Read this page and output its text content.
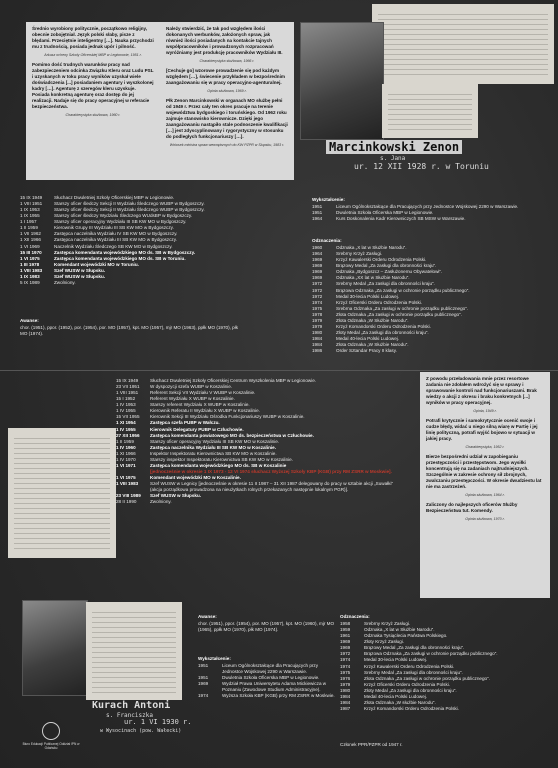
Średnio wyrobiony politycznie, początkowo religijny, obecnie zobojętniał. Język polski słaby, pisze z błędami. Przeciętnie inteligentny […]. Nauka przychodzi mu z trudnością, posiada jednak upór i pilność.

Arkusz ocheny Szkoły Oficerskiej MBP w Legionowie, 1951 r.

Pomimo dość trudnych warunków pracy nad zabezpieczeniem odcinka Związku Kleru oraz Ludu PSL i uzyskanych w toku pracy wyników uzyskał wiele doświadczenia [...] posiadaniem agentury i wyszkolonej kadry […]. Agenturę z szeregów kleru uzyskuje. Posiada konkretną agenturę oraz dostęp do jej realizacji. Nadaje się do pracy operacyjnej w referacie bezpieczeństwa.

Charakterystyka służbowa, 1960 r.

Należy stwierdzić, że tak pod względem ilości dokonanych werbunków, założonych spraw, jak również ilości posiadanych na kontakcie tajnych współpracowników i prowadzonych rozpracowań wyróżniamy jest produkcję pracowników Wydziału III.

Charakterystyka służbowa, 1966 r.

[Cechuje go] wzorowe prowadzenie się pod każdym względem […], świecenie przykładem w bezpośrednim zaangażowaniu się w pracy operacyjno-agenturalnej.

Opinia służbowa, 1969 r.

Płk Zenon Marcinkowski w organach MO służbę pełni od 1949 r. Przez cały ten okres pracuje na terenie województwa bydgoskiego i toruńskiego. Od 1962 roku zajmuje stanowisko kierownicze. Dzięki jego zaangażowaniu nastąpiło stale podnoszenie kwalifikacji […] jest zdyscyplinowany i rygorystyczny w stosunku do podległych funkcjonariuszy […].

Wniosek ministra spraw wewnętrznych do KW PZPR w Słupsku, 1983 r.	Marcinkowski Zenon
s. Jana
ur. 12 XII 1928 r. w Toruniu
15 IX 1949	Słuchacz Dwuletniej Szkoły Oficerskiej MBP w Legionowie.
1 VIII 1951	Starszy oficer śledczy Sekcji II Wydziału Śledczego WUBP w Bydgoszczy.
1 IX 1953	Starszy oficer śledczy Sekcji II Wydziału Śledczego WUBP w Bydgoszczy.
1 IX 1955	Starszy oficer śledczy Wydziału Śledczego WUdsBP w Bydgoszczy.
1 I 1957	Starszy oficer operacyjny Wydziału III SB KW MO w Bydgoszczy.
1 II 1959	Kierownik Grupy III Wydziału III SB KW MO w Bydgoszczy.
1 VII 1962	Zastępca naczelnika Wydziału IV SB KW MO w Bydgoszczy.
1 XII 1966	Zastępca naczelnika Wydziału III SB KW MO w Bydgoszczy.
1 VI 1969	Naczelnik Wydziału Śledczego SB KW MO w Bydgoszczy.
15 III 1970	Zastępca komendanta wojewódzkiego MO ds. SB w Bydgoszczy.
1 VI 1975	Zastępca komendanta wojewódzkiego MO ds. SB w Toruniu.
1 III 1978	Komendant wojewódzki MO w Toruniu.
1 VIII 1983	Szef WUSW w Słupsku.
1 IX 1983	Szef WUSW w Słupsku.
5 IX 1989	Zwolniony.
Awanse:
chor. (1951), ppor. (1952), por. (1954), por. MO (1957), kpt. MO (1957), mjr MO (1963), ppłk MO (1970), płk MO (1974).
Wykształcenie:
1951	Liceum Ogólnokształcące dla Pracujących przy Jednostce Wojskowej 2290 w Warszawie.
1951	Dwuletnia Szkoła Oficerska MBP w Legionowie.
1964	Kurs Doskonalenia Kadr Kierowniczych SB MSW w Warszawie.
Odznaczenia:
1960	Odznaka „X lat w Służbie Narodu”.
1964	Srebrny Krzyż Zasługi.
1969	Krzyż Kawalerski Orderu Odrodzenia Polski.
1969	Brązowy Medal „Za zasługi dla obronności kraju”.
1969	Odznaka „Bydgoszcz – Zasłużonemu Obywatelowi”.
1969	Odznaka „XX lat w Służbie Narodu”.
1972	Srebrny Medal „Za zasługi dla obronności kraju”.
1972	Brązowa Odznaka „Za zasługi w ochronie porządku publicznego”.
1972	Medal 30-lecia Polski Ludowej.
1974	Krzyż Oficerski Orderu Odrodzenia Polski.
1975	Srebrna Odznaka „Za zasługi w ochronie porządku publicznego”.
1978	Złota Odznaka „Za zasługi w ochronie porządku publicznego”.
1979	Złota Odznaka „W Służbie Narodu”.
1979	Krzyż Komandorski Orderu Odrodzenia Polski.
1980	Złoty Medal „Za zasługi dla obronności kraju”.
1984	Medal 40-lecia Polski Ludowej.
1984	Złota Odznaka „W Służbie Narodu”.
1986	Order Sztandar Pracy II klasy.
15 IX 1949	Słuchacz Dwuletniej Szkoły Oficerskiej Centrum Wyszkolenia MBP w Legionowie.
23 VII 1951	W dyspozycji szefa WUBP w Koszalinie.
1 VIII 1951	Referent Sekcji VII Wydziału V WUBP w Koszalinie.
15 I 1952	Referent Wydziału X WUBP w Koszalinie.
1 IV 1953	Starszy referent Wydziału X WUBP w Koszalinie.
1 IV 1955	Kierownik Referatu II Wydziału X WUBP w Koszalinie.
15 VII 1955	Kierownik Sekcji III Wydziału Ośrodka Funkcjonariuszy WUBP w Koszalinie.
1 XI 1954	Zastępca szefa PUBP w Wałczu.
1 IV 1955	Kierownik Delegatury PUBP w Człuchowie.
27 XII 1956	Zastępca komendanta powiatowego MO ds. bezpieczeństwa w Człuchowie.
1 II 1959	Starszy oficer operacyjny Wydziału III SB KW MO w Koszalinie.
1 IV 1960	Zastępca naczelnika Wydziału III SB KW MO w Koszalinie.
1 XI 1966	Inspektor Inspektoratu Kierownictwa SB KW MO w Koszalinie.
1 IV 1970	Starszy inspektor Inspektoratu Kierownictwa SB KW MO w Koszalinie.
1 VI 1971	Zastępca komendanta wojewódzkiego MO ds. SB w Koszalinie
[jednocześnie w okresie 1 IX 1973 - 12 VI 1974 słuchacz Wyższej Szkoły KBP (KGB) przy RM ZSRR w Moskwie].
1 VI 1975	Komendant wojewódzki MO w Koszalinie.
1 VIII 1983	Szef WUSW w Legnicy [jednocześnie w okresie 11 II 1987 – 31 XII 1987 delegowany do pracy w sztabie akcji „Suwałki” (akcja porządkowa prowadzona na nieużytkach rolnych przekazanych następnie lokalnym PGR)].
23 VIII 1989	Szef WUSW w Słupsku.
28 II 1990	Zwolniony.

Z powodu przeładowania mnie przez resortowe zadania nie zdołałem wdrożyć się w sprawy i sprawowanie kontroli nad funkcjonariuszami. Brak wiedzy o akcji z okresu i braku konkretnych [...] wyników w pracy operacyjnej.

Opinia, 1949 r.

Potrafi krytycznie i samokrytycznie ocenić swoje i cudze błędy, widać u niego silną wiarę w Partię i jej linię polityczną, potrafi wyjść bojowo w sytuacji w jakiej pracy.

Charakterystyka, 1952 r.

Bierze bezpośredni udział w zapobieganiu przestępczości i przestępstwom. Jego wysiłki koncentrują się na zadaniach najtrudniejszych. Szczególnie w zakresie ochrony sił zbrojnych, zwalczaniu przestępczości. W okresie dwudziestu lat nie ma zastrzeżeń.

Opinia służbowa, 1964 r.

Zaliczony do najlepszych oficerów Służby Bezpieczeństwa tut. Komendy.

Opinia służbowa, 1970 r.
Kurach Antoni
s. Franciszka
ur. 1 VI 1930 r.
w Wysocinach (pow. Wałecki)
Awanse:
chor. (1951), ppor. (1954), por. MO (1957), kpt. MO (1960), mjr MO (1965), ppłk MO (1970), płk MO (1974).
Wykształcenie:
1951	Liceum Ogólnokształcące dla Pracujących przy Jednostce Wojskowej 2290 w Warszawie.
1951	Dwuletnia Szkoła Oficerska MBP w Legionowie.
1969	Wydział Prawa Uniwersytetu Adama Mickiewicza w Poznaniu (Zawodowe Studium Administracyjne).
1974	Wyższa Szkoła KBP (KGB) przy RM ZSRR w Moskwie.
Odznaczenia:
1958	Srebrny Krzyż Zasługi.
1959	Odznaka „X lat w Służbie Narodu”.
1961	Odznaka Tysiąclecia Państwa Polskiego.
1969	Złoty Krzyż Zasługi.
1969	Brązowy Medal „Za zasługi dla obronności kraju”.
1972	Brązowa Odznaka „Za zasługi w ochronie porządku publicznego”.
1974	Medal 30-lecia Polski Ludowej.
1974	Krzyż Kawalerski Orderu Odrodzenia Polski.
1975	Srebrny Medal „Za zasługi dla obronności kraju”.
1976	Złota Odznaka „Za zasługi w ochronie porządku publicznego”.
1979	Krzyż Oficerski Orderu Odrodzenia Polski.
1980	Złoty Medal „Za zasługi dla obronności kraju”.
1984	Medal 40-lecia Polski Ludowej.
1984	Złota Odznaka „W służbie Narodu”.
1987	Krzyż Komandorski Orderu Odrodzenia Polski.
Członek PPR/PZPR od 1947 r.
Biuro Edukacji Publicznej Oddział IPN w Gdańsku
